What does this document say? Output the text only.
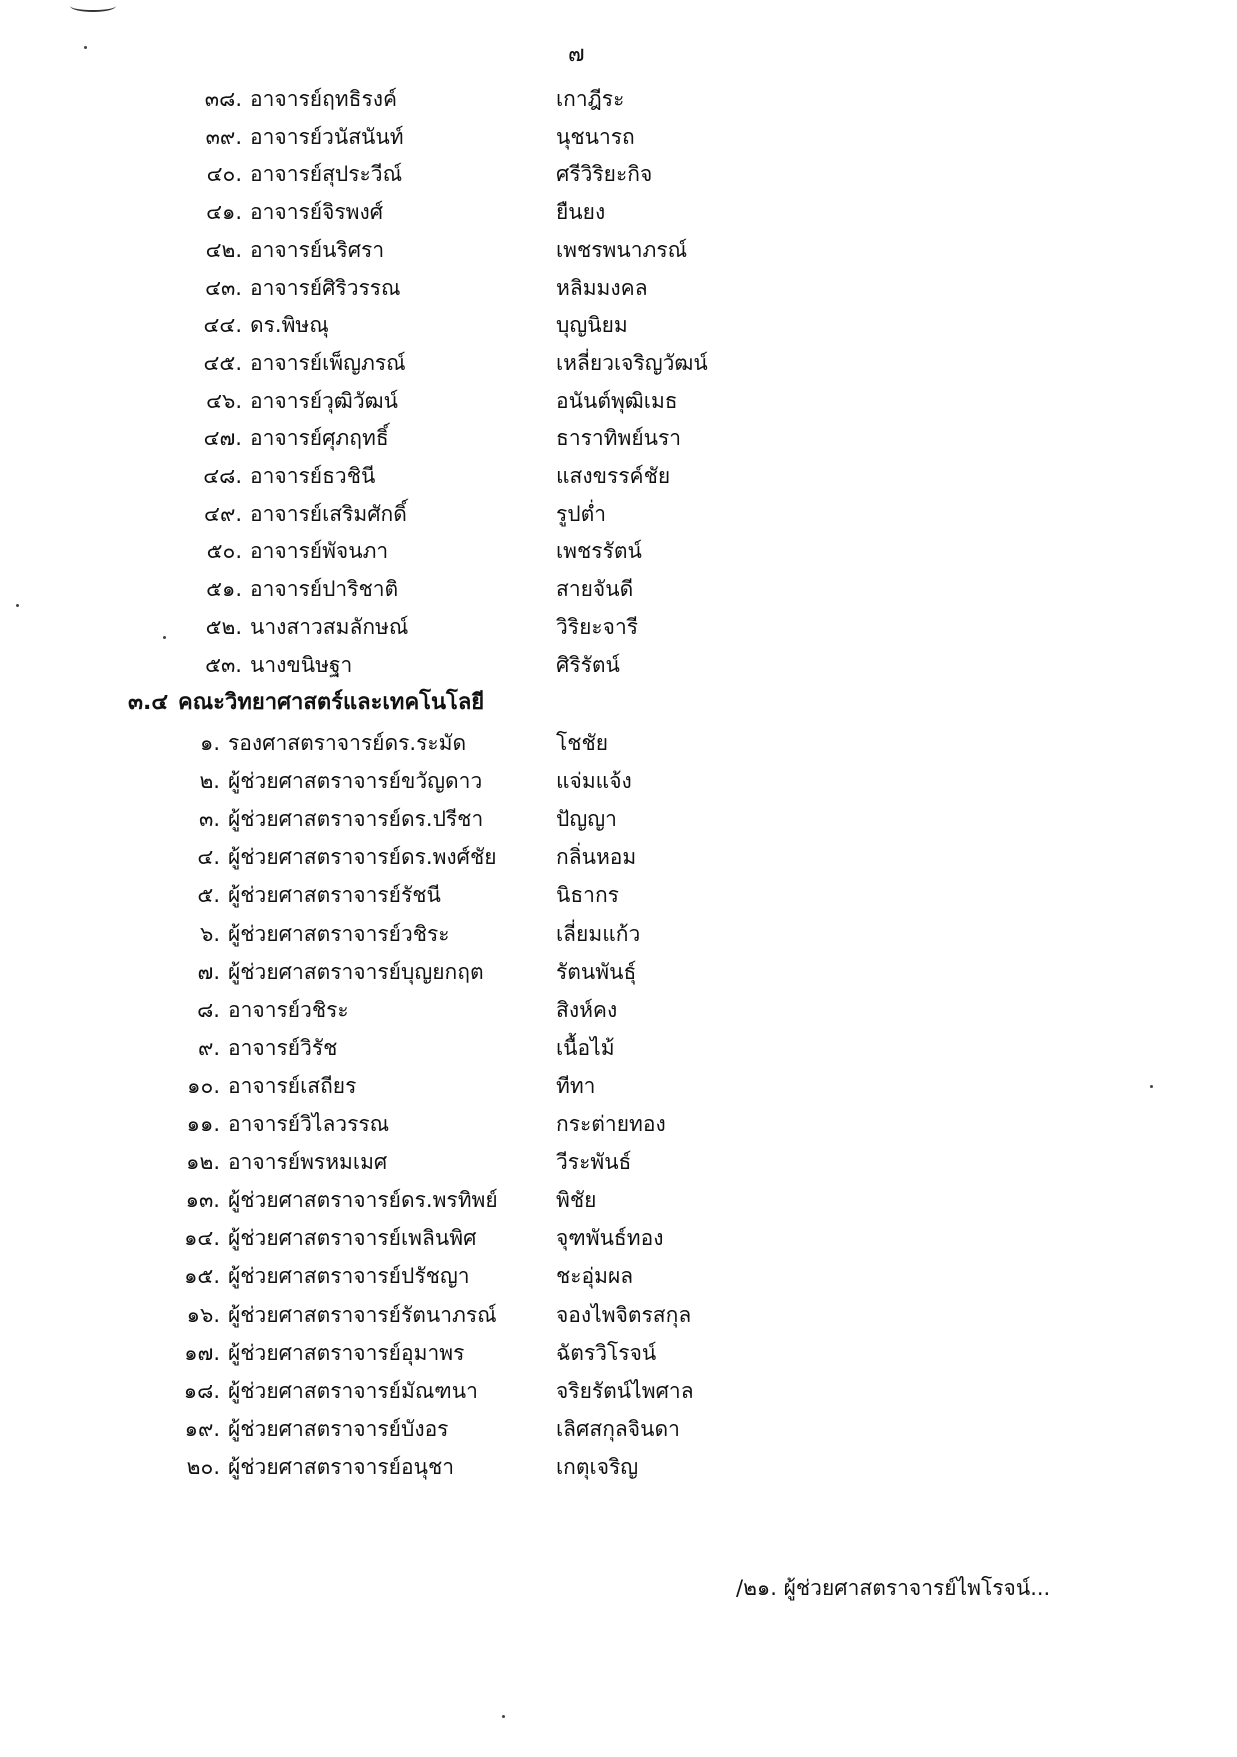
๗
๓๘. อาจารย์ฤทธิรงค์	เกาฎีระ
๓๙. อาจารย์วนัสนันท์	นุชนารถ
๔๐. อาจารย์สุประวีณ์	ศรีวิริยะกิจ
๔๑. อาจารย์จิรพงศ์	ยืนยง
๔๒. อาจารย์นริศรา	เพชรพนาภรณ์
๔๓. อาจารย์ศิริวรรณ	หลิมมงคล
๔๔. ดร.พิษณุ	บุญนิยม
๔๕. อาจารย์เพ็ญภรณ์	เหลี่ยวเจริญวัฒน์
๔๖. อาจารย์วุฒิวัฒน์	อนันต์พุฒิเมธ
๔๗. อาจารย์ศุภฤทธิ์	ธาราทิพย์นรา
๔๘. อาจารย์ธวชินี	แสงขรรค์ชัย
๔๙. อาจารย์เสริมศักดิ์	รูปต่ำ
๕๐. อาจารย์พัจนภา	เพชรรัตน์
๕๑. อาจารย์ปาริชาติ	สายจันดี
๕๒. นางสาวสมลักษณ์	วิริยะจารี
๕๓. นางขนิษฐา	ศิริรัตน์
๓.๔ คณะวิทยาศาสตร์และเทคโนโลยี
๑. รองศาสตราจารย์ดร.ระมัด	โชชัย
๒. ผู้ช่วยศาสตราจารย์ขวัญดาว	แจ่มแจ้ง
๓. ผู้ช่วยศาสตราจารย์ดร.ปรีชา	ปัญญา
๔. ผู้ช่วยศาสตราจารย์ดร.พงศ์ชัย	กลิ่นหอม
๕. ผู้ช่วยศาสตราจารย์รัชนี	นิธากร
๖. ผู้ช่วยศาสตราจารย์วชิระ	เลี่ยมแก้ว
๗. ผู้ช่วยศาสตราจารย์บุญยกฤต	รัตนพันธุ์
๘. อาจารย์วชิระ	สิงห์คง
๙. อาจารย์วิรัช	เนื้อไม้
๑๐. อาจารย์เสถียร	ทีทา
๑๑. อาจารย์วิไลวรรณ	กระต่ายทอง
๑๒. อาจารย์พรหมเมศ	วีระพันธ์
๑๓. ผู้ช่วยศาสตราจารย์ดร.พรทิพย์	พิชัย
๑๔. ผู้ช่วยศาสตราจารย์เพลินพิศ	จุฑพันธ์ทอง
๑๕. ผู้ช่วยศาสตราจารย์ปรัชญา	ชะอุ่มผล
๑๖. ผู้ช่วยศาสตราจารย์รัตนาภรณ์	จองไพจิตรสกุล
๑๗. ผู้ช่วยศาสตราจารย์อุมาพร	ฉัตรวิโรจน์
๑๘. ผู้ช่วยศาสตราจารย์มัณฑนา	จริยรัตน์ไพศาล
๑๙. ผู้ช่วยศาสตราจารย์บังอร	เลิศสกุลจินดา
๒๐. ผู้ช่วยศาสตราจารย์อนุชา	เกตุเจริญ
/๒๑. ผู้ช่วยศาสตราจารย์ไพโรจน์...
